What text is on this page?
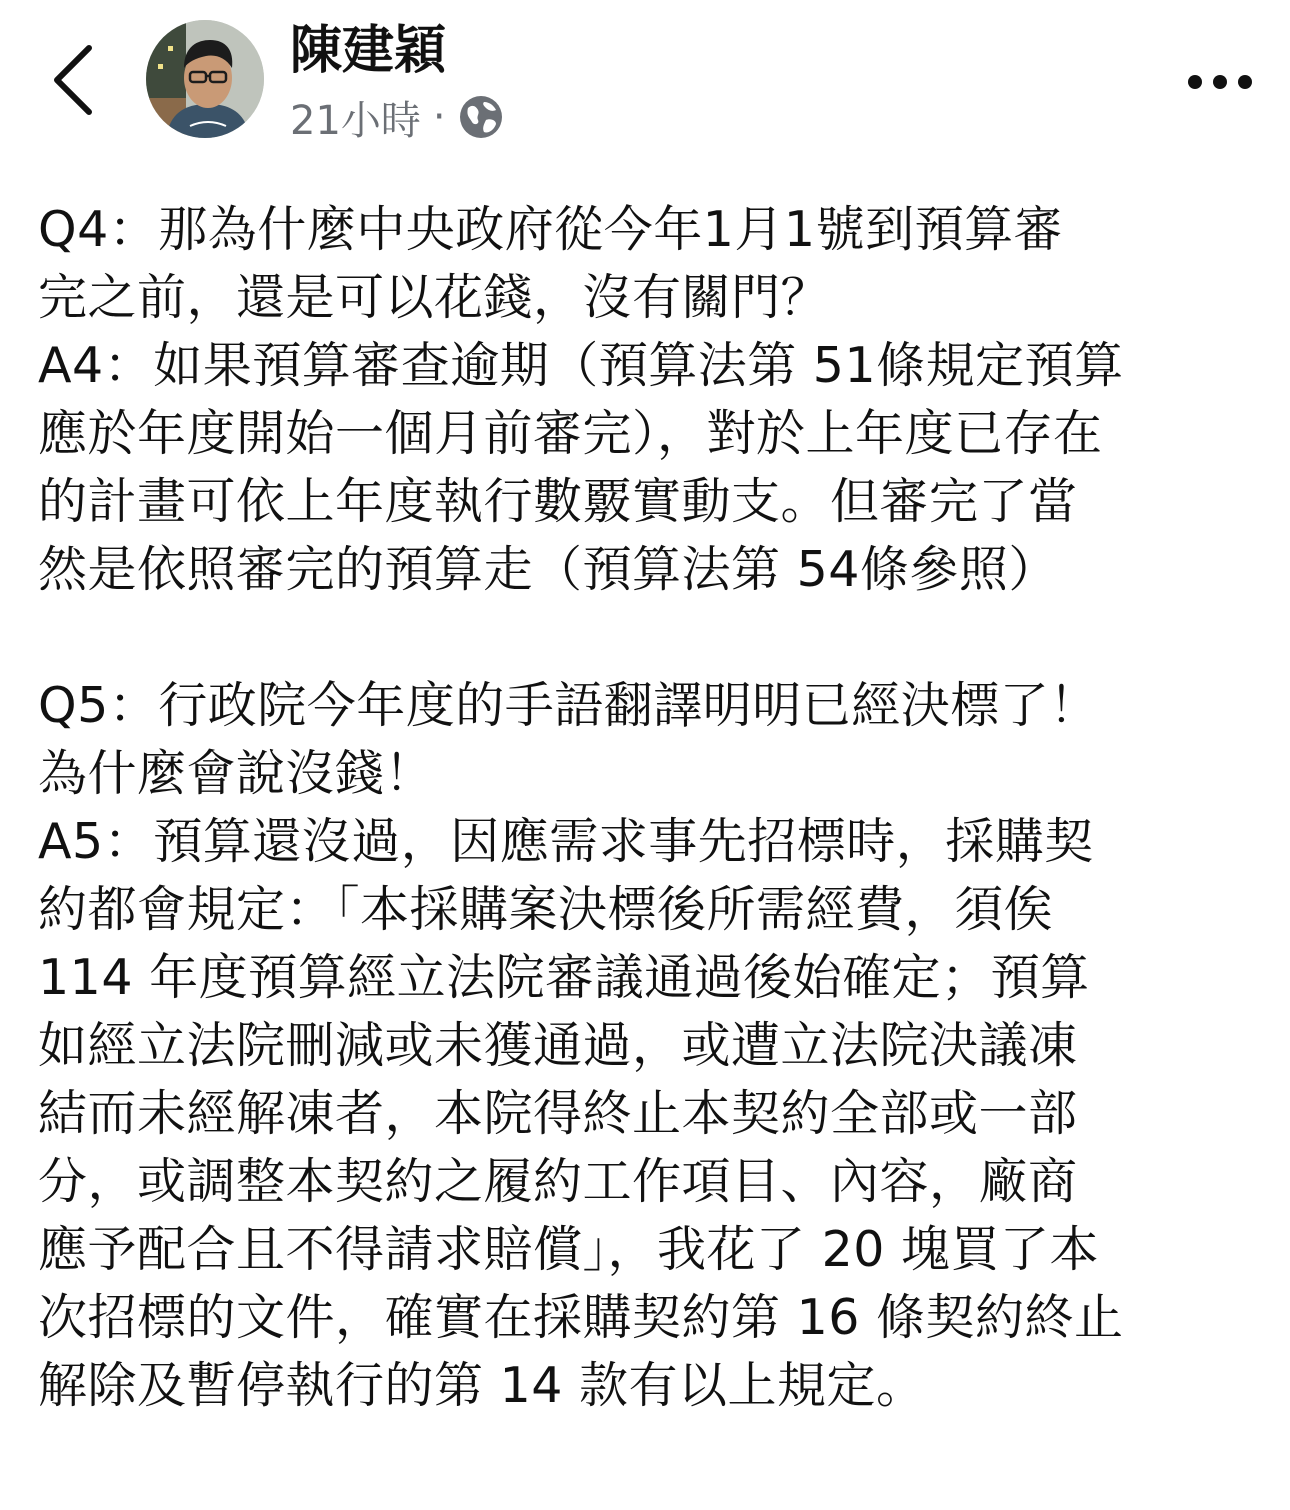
陳建穎
21小時 ·

Q4：那為什麼中央政府從今年1月1號到預算審
完之前，還是可以花錢，沒有關門？

A4：如果預算審查逾期（預算法第 51條規定預算
應於年度開始一個月前審完），對於上年度已存在
的計畫可依上年度執行數覈實動支。但審完了當
然是依照審完的預算走（預算法第 54條參照）

Q5：行政院今年度的手語翻譯明明已經決標了！
為什麼會說沒錢！

A5：預算還沒過，因應需求事先招標時，採購契
約都會規定：「本採購案決標後所需經費，須俟
114 年度預算經立法院審議通過後始確定；預算
如經立法院刪減或未獲通過，或遭立法院決議凍
結而未經解凍者，本院得終止本契約全部或一部
分，或調整本契約之履約工作項目、內容，廠商
應予配合且不得請求賠償」，我花了 20 塊買了本
次招標的文件，確實在採購契約第 16 條契約終止
解除及暫停執行的第 14 款有以上規定。
